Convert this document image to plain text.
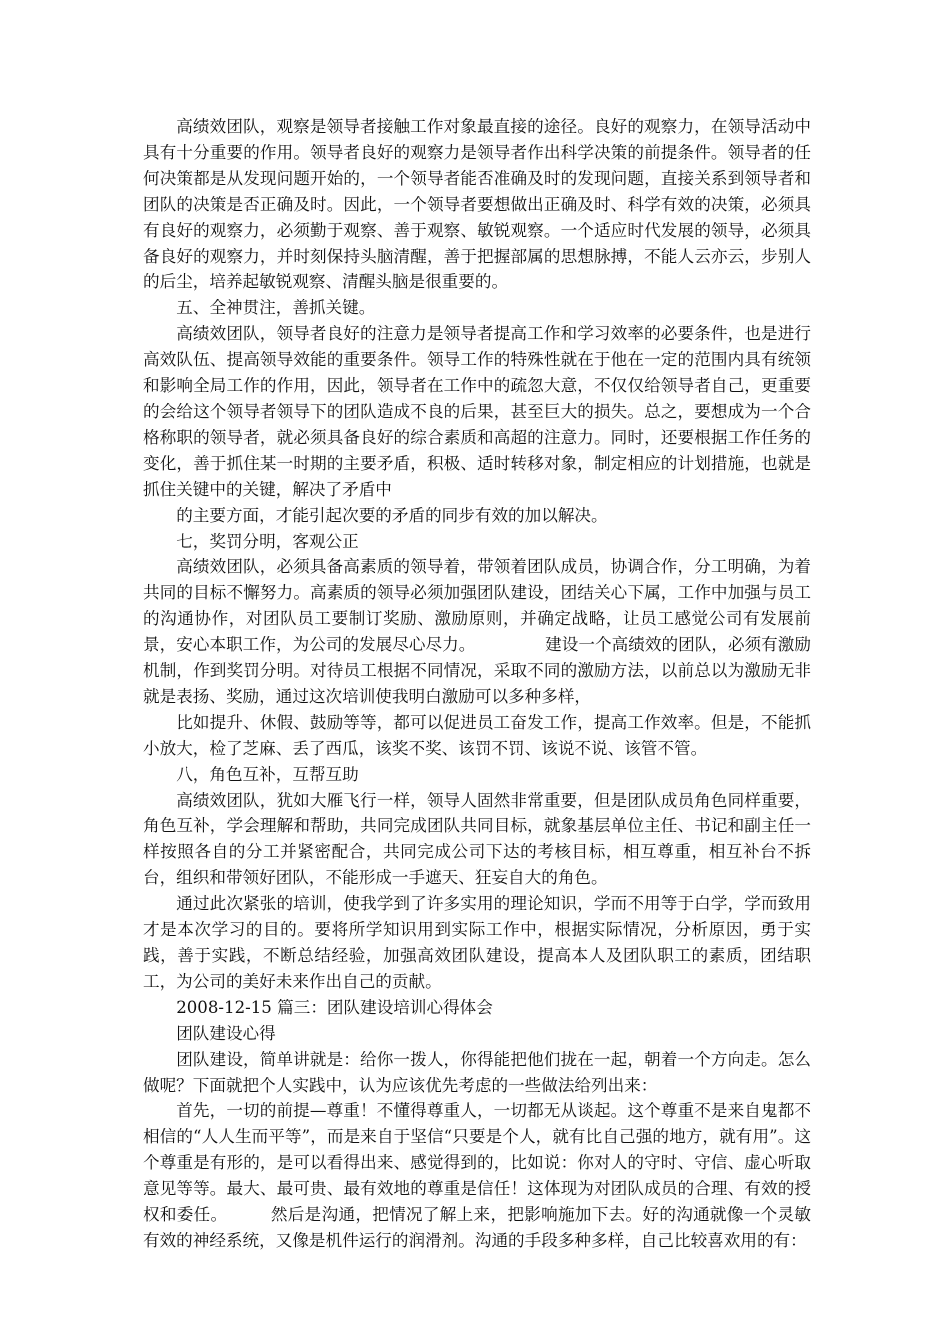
高绩效团队，观察是领导者接触工作对象最直接的途径。良好的观察力，在领导活动中具有十分重要的作用。领导者良好的观察力是领导者作出科学决策的前提条件。领导者的任何决策都是从发现问题开始的，一个领导者能否准确及时的发现问题，直接关系到领导者和团队的决策是否正确及时。因此，一个领导者要想做出正确及时、科学有效的决策，必须具有良好的观察力，必须勤于观察、善于观察、敏锐观察。一个适应时代发展的领导，必须具备良好的观察力，并时刻保持头脑清醒，善于把握部属的思想脉搏，不能人云亦云，步别人的后尘，培养起敏锐观察、清醒头脑是很重要的。

五、全神贯注，善抓关键。

高绩效团队，领导者良好的注意力是领导者提高工作和学习效率的必要条件，也是进行高效队伍、提高领导效能的重要条件。领导工作的特殊性就在于他在一定的范围内具有统领和影响全局工作的作用，因此，领导者在工作中的疏忽大意，不仅仅给领导者自己，更重要的会给这个领导者领导下的团队造成不良的后果，甚至巨大的损失。总之，要想成为一个合格称职的领导者，就必须具备良好的综合素质和高超的注意力。同时，还要根据工作任务的变化，善于抓住某一时期的主要矛盾，积极、适时转移对象，制定相应的计划措施，也就是抓住关键中的关键，解决了矛盾中

的主要方面，才能引起次要的矛盾的同步有效的加以解决。

七，奖罚分明，客观公正

高绩效团队，必须具备高素质的领导着，带领着团队成员，协调合作，分工明确，为着共同的目标不懈努力。高素质的领导必须加强团队建设，团结关心下属，工作中加强与员工的沟通协作，对团队员工要制订奖励、激励原则，并确定战略，让员工感觉公司有发展前景，安心本职工作，为公司的发展尽心尽力。	建设一个高绩效的团队，必须有激励机制，作到奖罚分明。对待员工根据不同情况，采取不同的激励方法，以前总以为激励无非就是表扬、奖励，通过这次培训使我明白激励可以多种多样，

比如提升、休假、鼓励等等，都可以促进员工奋发工作，提高工作效率。但是，不能抓小放大，检了芝麻、丢了西瓜，该奖不奖、该罚不罚、该说不说、该管不管。

八，角色互补，互帮互助

高绩效团队，犹如大雁飞行一样，领导人固然非常重要，但是团队成员角色同样重要，角色互补，学会理解和帮助，共同完成团队共同目标，就象基层单位主任、书记和副主任一样按照各自的分工并紧密配合，共同完成公司下达的考核目标，相互尊重，相互补台不拆台，组织和带领好团队，不能形成一手遮天、狂妄自大的角色。

通过此次紧张的培训，使我学到了许多实用的理论知识，学而不用等于白学，学而致用才是本次学习的目的。要将所学知识用到实际工作中，根据实际情况，分析原因，勇于实践，善于实践，不断总结经验，加强高效团队建设，提高本人及团队职工的素质，团结职工，为公司的美好未来作出自己的贡献。

2008-12-15 篇三：团队建设培训心得体会

团队建设心得

团队建设，简单讲就是：给你一拨人，你得能把他们拢在一起，朝着一个方向走。怎么做呢？下面就把个人实践中，认为应该优先考虑的一些做法给列出来：

首先，一切的前提—尊重！不懂得尊重人，一切都无从谈起。这个尊重不是来自鬼都不相信的“人人生而平等”，而是来自于坚信“只要是个人，就有比自己强的地方，就有用”。这个尊重是有形的，是可以看得出来、感觉得到的，比如说：你对人的守时、守信、虚心听取意见等等。最大、最可贵、最有效地的尊重是信任！这体现为对团队成员的合理、有效的授权和委任。	然后是沟通，把情况了解上来，把影响施加下去。好的沟通就像一个灵敏有效的神经系统，又像是机件运行的润滑剂。沟通的手段多种多样，自己比较喜欢用的有：
